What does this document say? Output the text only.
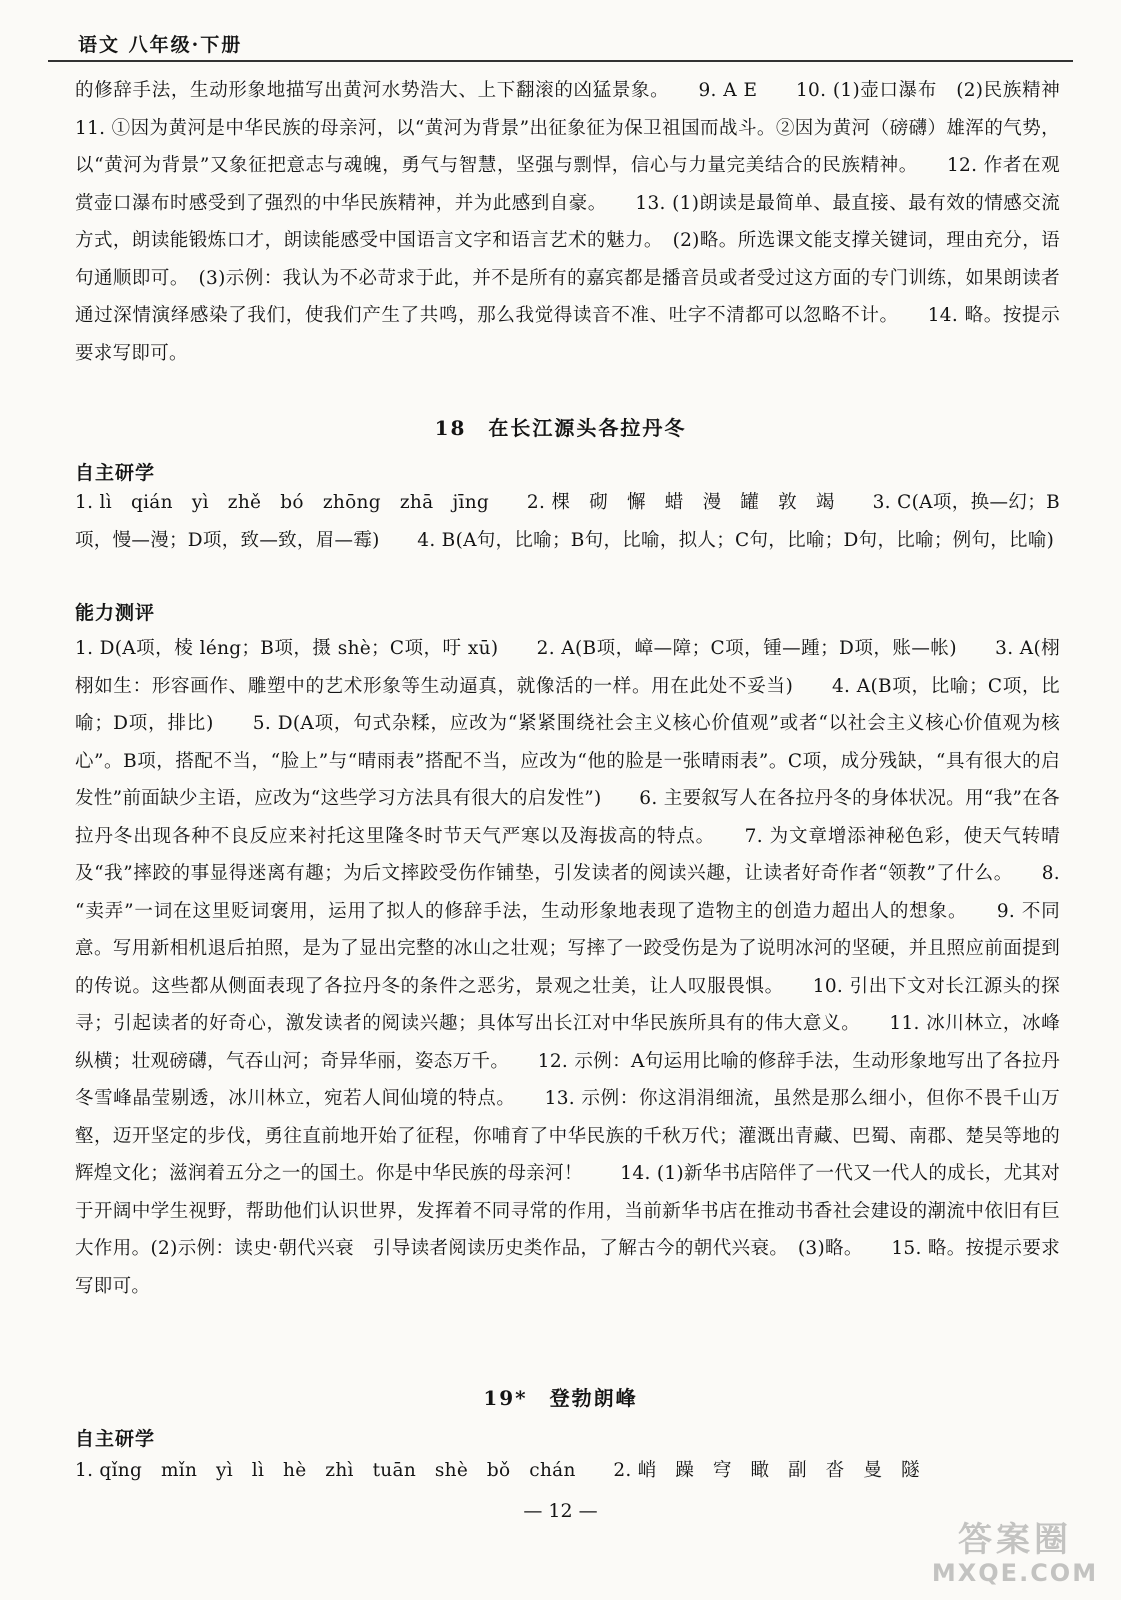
语文 八年级·下册
的修辞手法，生动形象地描写出黄河水势浩大、上下翻滚的凶猛景象。　　9. A E　　10. (1)壶口瀑布　(2)民族精神　　11. ①因为黄河是中华民族的母亲河，以“黄河为背景”出征象征为保卫祖国而战斗。②因为黄河（磅礴）雄浑的气势，以“黄河为背景”又象征把意志与魂魄，勇气与智慧，坚强与剽悍，信心与力量完美结合的民族精神。　　12. 作者在观赏壶口瀑布时感受到了强烈的中华民族精神，并为此感到自豪。　　13. (1)朗读是最简单、最直接、最有效的情感交流方式，朗读能锻炼口才，朗读能感受中国语言文字和语言艺术的魅力。　(2)略。所选课文能支撑关键词，理由充分，语句通顺即可。　(3)示例：我认为不必苛求于此，并不是所有的嘉宾都是播音员或者受过这方面的专门训练，如果朗读者通过深情演绎感染了我们，使我们产生了共鸣，那么我觉得读音不准、吐字不清都可以忽略不计。　　14. 略。按提示要求写即可。
18　在长江源头各拉丹冬
自主研学
1. lì　qián　yì　zhě　bó　zhōng　zhā　jīng　　2. 棵　砌　懈　蜡　漫　罐　敦　竭　　3. C(A项，换—幻；B项，慢—漫；D项，致—致，眉—霉)　　4. B(A句，比喻；B句，比喻，拟人；C句，比喻；D句，比喻；例句，比喻)
能力测评
1. D(A项，棱 léng；B项，摄 shè；C项，吁 xū)　　2. A(B项，嶂—障；C项，锺—踵；D项，账—帐)　　3. A(栩栩如生：形容画作、雕塑中的艺术形象等生动逼真，就像活的一样。用在此处不妥当)　　4. A(B项，比喻；C项，比喻；D项，排比)　　5. D(A项，句式杂糅，应改为“紧紧围绕社会主义核心价值观”或者“以社会主义核心价值观为核心”。B项，搭配不当，“脸上”与“晴雨表”搭配不当，应改为“他的脸是一张晴雨表”。C项，成分残缺，“具有很大的启发性”前面缺少主语，应改为“这些学习方法具有很大的启发性”)　　6. 主要叙写人在各拉丹冬的身体状况。用“我”在各拉丹冬出现各种不良反应来衬托这里隆冬时节天气严寒以及海拔高的特点。　　7. 为文章增添神秘色彩，使天气转晴及“我”摔跤的事显得迷离有趣；为后文摔跤受伤作铺垫，引发读者的阅读兴趣，让读者好奇作者“领教”了什么。　　8. “卖弄”一词在这里贬词褒用，运用了拟人的修辞手法，生动形象地表现了造物主的创造力超出人的想象。　　9. 不同意。写用新相机退后拍照，是为了显出完整的冰山之壮观；写摔了一跤受伤是为了说明冰河的坚硬，并且照应前面提到的传说。这些都从侧面表现了各拉丹冬的条件之恶劣，景观之壮美，让人叹服畏惧。　　10. 引出下文对长江源头的探寻；引起读者的好奇心，激发读者的阅读兴趣；具体写出长江对中华民族所具有的伟大意义。　　11. 冰川林立，冰峰纵横；壮观磅礴，气吞山河；奇异华丽，姿态万千。　　12. 示例：A句运用比喻的修辞手法，生动形象地写出了各拉丹冬雪峰晶莹剔透，冰川林立，宛若人间仙境的特点。　　13. 示例：你这涓涓细流，虽然是那么细小，但你不畏千山万壑，迈开坚定的步伐，勇往直前地开始了征程，你哺育了中华民族的千秋万代；灌溉出青藏、巴蜀、南郡、楚吴等地的辉煌文化；滋润着五分之一的国土。你是中华民族的母亲河！　　14. (1)新华书店陪伴了一代又一代人的成长，尤其对于开阔中学生视野，帮助他们认识世界，发挥着不同寻常的作用，当前新华书店在推动书香社会建设的潮流中依旧有巨大作用。(2)示例：读史·朝代兴衰　引导读者阅读历史类作品，了解古今的朝代兴衰。　(3)略。　　15. 略。按提示要求写即可。
19*　登勃朗峰
自主研学
1. qǐng　mǐn　yì　lì　hè　zhì　tuān　shè　bǒ　chán　　2. 峭　躁　穹　瞰　副　沓　曼　隧
— 12 —
答案圈
MXQE.COM
